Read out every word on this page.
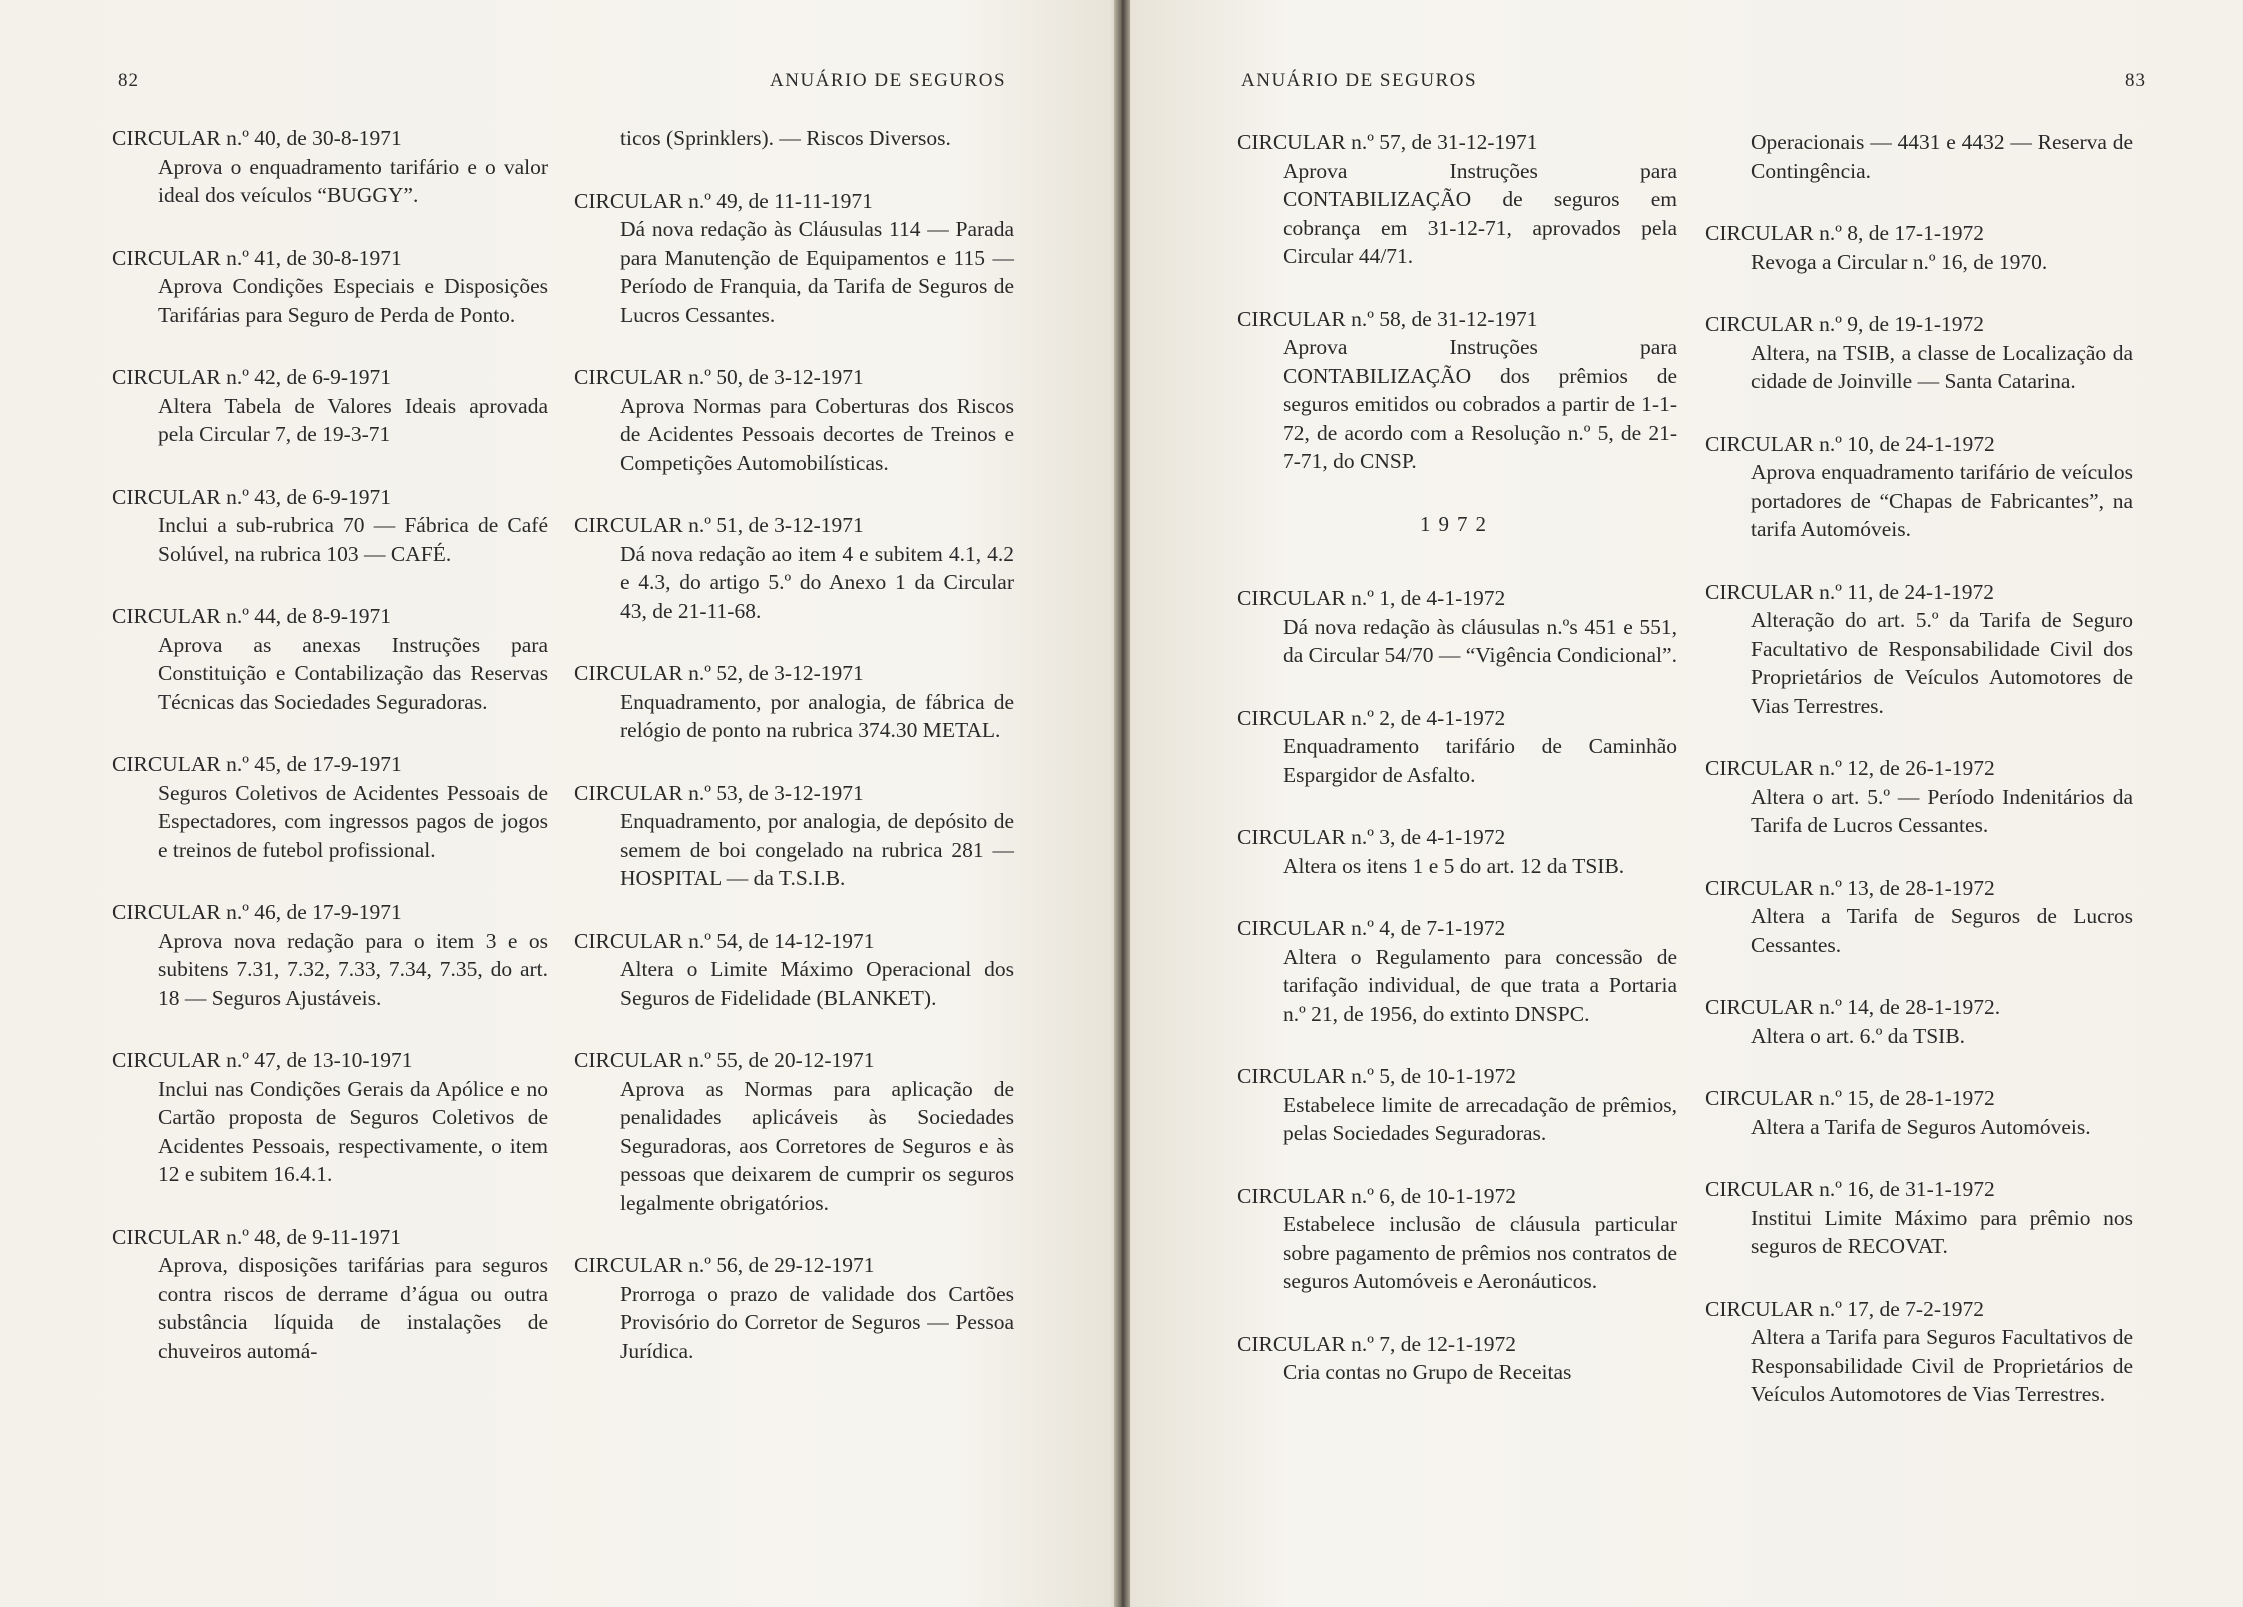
82	ANUÁRIO DE SEGUROS
CIRCULAR n.º 40, de 30-8-1971
Aprova o enquadramento tarifário e o valor ideal dos veículos “BUGGY”.
CIRCULAR n.º 41, de 30-8-1971
Aprova Condições Especiais e Disposições Tarifárias para Seguro de Perda de Ponto.
CIRCULAR n.º 42, de 6-9-1971
Altera Tabela de Valores Ideais aprovada pela Circular 7, de 19-3-71
CIRCULAR n.º 43, de 6-9-1971
Inclui a sub-rubrica 70 — Fábrica de Café Solúvel, na rubrica 103 — CAFÉ.
CIRCULAR n.º 44, de 8-9-1971
Aprova as anexas Instruções para Constituição e Contabilização das Reservas Técnicas das Sociedades Seguradoras.
CIRCULAR n.º 45, de 17-9-1971
Seguros Coletivos de Acidentes Pessoais de Espectadores, com ingressos pagos de jogos e treinos de futebol profissional.
CIRCULAR n.º 46, de 17-9-1971
Aprova nova redação para o item 3 e os subitens 7.31, 7.32, 7.33, 7.34, 7.35, do art. 18 — Seguros Ajustáveis.
CIRCULAR n.º 47, de 13-10-1971
Inclui nas Condições Gerais da Apólice e no Cartão proposta de Seguros Coletivos de Acidentes Pessoais, respectivamente, o item 12 e subitem 16.4.1.
CIRCULAR n.º 48, de 9-11-1971
Aprova, disposições tarifárias para seguros contra riscos de derrame d’água ou outra substância líquida de instalações de chuveiros automá-
ticos (Sprinklers). — Riscos Diversos.
CIRCULAR n.º 49, de 11-11-1971
Dá nova redação às Cláusulas 114 — Parada para Manutenção de Equipamentos e 115 — Período de Franquia, da Tarifa de Seguros de Lucros Cessantes.
CIRCULAR n.º 50, de 3-12-1971
Aprova Normas para Coberturas dos Riscos de Acidentes Pessoais decortes de Treinos e Competições Automobilísticas.
CIRCULAR n.º 51, de 3-12-1971
Dá nova redação ao item 4 e subitem 4.1, 4.2 e 4.3, do artigo 5.º do Anexo 1 da Circular 43, de 21-11-68.
CIRCULAR n.º 52, de 3-12-1971
Enquadramento, por analogia, de fábrica de relógio de ponto na rubrica 374.30 METAL.
CIRCULAR n.º 53, de 3-12-1971
Enquadramento, por analogia, de depósito de semem de boi congelado na rubrica 281 — HOSPITAL — da T.S.I.B.
CIRCULAR n.º 54, de 14-12-1971
Altera o Limite Máximo Operacional dos Seguros de Fidelidade (BLANKET).
CIRCULAR n.º 55, de 20-12-1971
Aprova as Normas para aplicação de penalidades aplicáveis às Sociedades Seguradoras, aos Corretores de Seguros e às pessoas que deixarem de cumprir os seguros legalmente obrigatórios.
CIRCULAR n.º 56, de 29-12-1971
Prorroga o prazo de validade dos Cartões Provisório do Corretor de Seguros — Pessoa Jurídica.
ANUÁRIO DE SEGUROS	83
CIRCULAR n.º 57, de 31-12-1971
Aprova Instruções para CONTABILIZAÇÃO de seguros em cobrança em 31-12-71, aprovados pela Circular 44/71.
CIRCULAR n.º 58, de 31-12-1971
Aprova Instruções para CONTABILIZAÇÃO dos prêmios de seguros emitidos ou cobrados a partir de 1-1-72, de acordo com a Resolução n.º 5, de 21-7-71, do CNSP.
1972
CIRCULAR n.º 1, de 4-1-1972
Dá nova redação às cláusulas n.ºs 451 e 551, da Circular 54/70 — “Vigência Condicional”.
CIRCULAR n.º 2, de 4-1-1972
Enquadramento tarifário de Caminhão Espargidor de Asfalto.
CIRCULAR n.º 3, de 4-1-1972
Altera os itens 1 e 5 do art. 12 da TSIB.
CIRCULAR n.º 4, de 7-1-1972
Altera o Regulamento para concessão de tarifação individual, de que trata a Portaria n.º 21, de 1956, do extinto DNSPC.
CIRCULAR n.º 5, de 10-1-1972
Estabelece limite de arrecadação de prêmios, pelas Sociedades Seguradoras.
CIRCULAR n.º 6, de 10-1-1972
Estabelece inclusão de cláusula particular sobre pagamento de prêmios nos contratos de seguros Automóveis e Aeronáuticos.
CIRCULAR n.º 7, de 12-1-1972
Cria contas no Grupo de Receitas
Operacionais — 4431 e 4432 — Reserva de Contingência.
CIRCULAR n.º 8, de 17-1-1972
Revoga a Circular n.º 16, de 1970.
CIRCULAR n.º 9, de 19-1-1972
Altera, na TSIB, a classe de Localização da cidade de Joinville — Santa Catarina.
CIRCULAR n.º 10, de 24-1-1972
Aprova enquadramento tarifário de veículos portadores de “Chapas de Fabricantes”, na tarifa Automóveis.
CIRCULAR n.º 11, de 24-1-1972
Alteração do art. 5.º da Tarifa de Seguro Facultativo de Responsabilidade Civil dos Proprietários de Veículos Automotores de Vias Terrestres.
CIRCULAR n.º 12, de 26-1-1972
Altera o art. 5.º — Período Indenitários da Tarifa de Lucros Cessantes.
CIRCULAR n.º 13, de 28-1-1972
Altera a Tarifa de Seguros de Lucros Cessantes.
CIRCULAR n.º 14, de 28-1-1972.
Altera o art. 6.º da TSIB.
CIRCULAR n.º 15, de 28-1-1972
Altera a Tarifa de Seguros Automóveis.
CIRCULAR n.º 16, de 31-1-1972
Institui Limite Máximo para prêmio nos seguros de RECOVAT.
CIRCULAR n.º 17, de 7-2-1972
Altera a Tarifa para Seguros Facultativos de Responsabilidade Civil de Proprietários de Veículos Automotores de Vias Terrestres.
